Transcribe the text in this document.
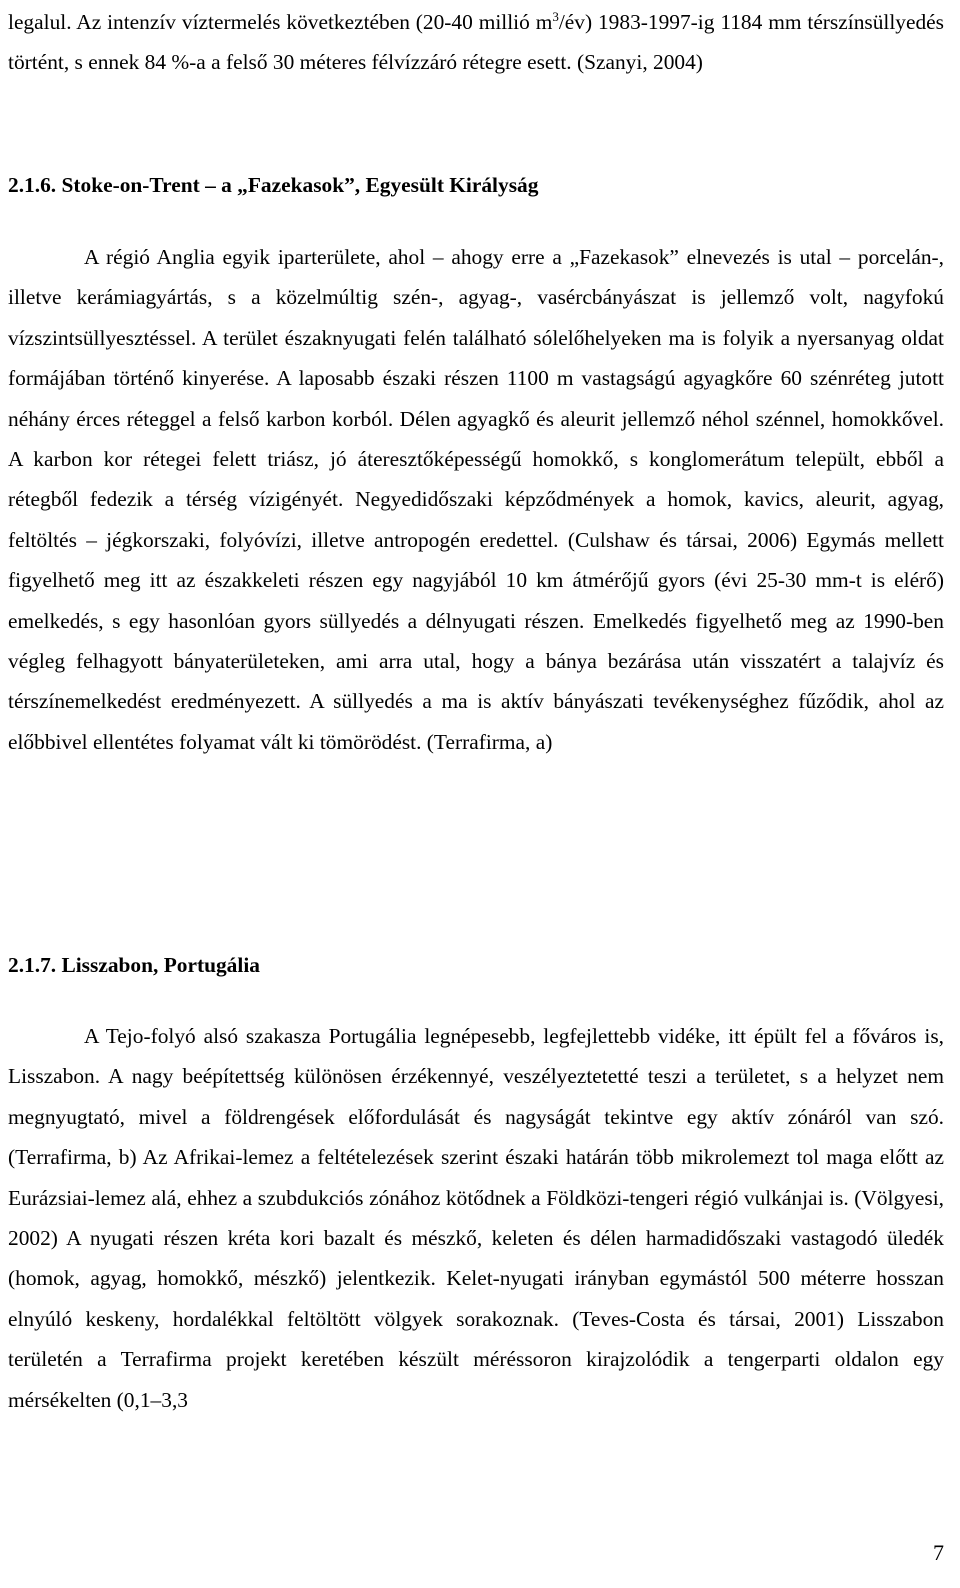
legalul. Az intenzív víztermelés következtében (20-40 millió $m^3/év$) 1983-1997-ig 1184 mm térszínsüllyedés történt, s ennek 84 %-a a felső 30 méteres félvízzáró rétegre esett. (Szanyi, 2004)

2.1.6. Stoke-on-Trent – a „Fazekasok”, Egyesült Királyság

A régió Anglia egyik iparterülete, ahol – ahogy erre a „Fazekasok” elnevezés is utal – porcelán-, illetve kerámiagyártás, s a közelmúltig szén-, agyag-, vasércbányászat is jellemző volt, nagyfokú vízszintsüllyesztéssel. A terület északnyugati felén található sólelőhelyeken ma is folyik a nyersanyag oldat formájában történő kinyerése. A laposabb északi részen 1100 m vastagságú agyagkőre 60 szénréteg jutott néhány érces réteggel a felső karbon korból. Délen agyagkő és aleurit jellemző néhol szénnel, homokkővel. A karbon kor rétegei felett triász, jó áteresztőképességű homokkő, s konglomerátum települt, ebből a rétegből fedezik a térség vízigényét. Negyedidőszaki képződmények a homok, kavics, aleurit, agyag, feltöltés – jégkorszaki, folyóvízi, illetve antropogén eredettel. (Culshaw és társai, 2006) Egymás mellett figyelhető meg itt az északkeleti részen egy nagyjából 10 km átmérőjű gyors (évi 25-30 mm-t is elérő) emelkedés, s egy hasonlóan gyors süllyedés a délnyugati részen. Emelkedés figyelhető meg az 1990-ben végleg felhagyott bányaterületeken, ami arra utal, hogy a bánya bezárása után visszatért a talajvíz és térszínemelkedést eredményezett. A süllyedés a ma is aktív bányászati tevékenységhez fűződik, ahol az előbbivel ellentétes folyamat vált ki tömörödést. (Terrafirma, a)

2.1.7. Lisszabon, Portugália

A Tejo-folyó alsó szakasza Portugália legnépesebb, legfejlettebb vidéke, itt épült fel a főváros is, Lisszabon. A nagy beépítettség különösen érzékennyé, veszélyeztetetté teszi a területet, s a helyzet nem megnyugtató, mivel a földrengések előfordulását és nagyságát tekintve egy aktív zónáról van szó. (Terrafirma, b) Az Afrikai-lemez a feltételezések szerint északi határán több mikrolemezt tol maga előtt az Eurázsiai-lemez alá, ehhez a szubdukciós zónához kötődnek a Földközi-tengeri régió vulkánjai is. (Völgyesi, 2002) A nyugati részen kréta kori bazalt és mészkő, keleten és délen harmadidőszaki vastagodó üledék (homok, agyag, homokkő, mészkő) jelentkezik. Kelet-nyugati irányban egymástól 500 méterre hosszan elnyúló keskeny, hordalékkal feltöltött völgyek sorakoznak. (Teves-Costa és társai, 2001) Lisszabon területén a Terrafirma projekt keretében készült méréssoron kirajzolódik a tengerparti oldalon egy mérsékelten (0,1–3,3

7
